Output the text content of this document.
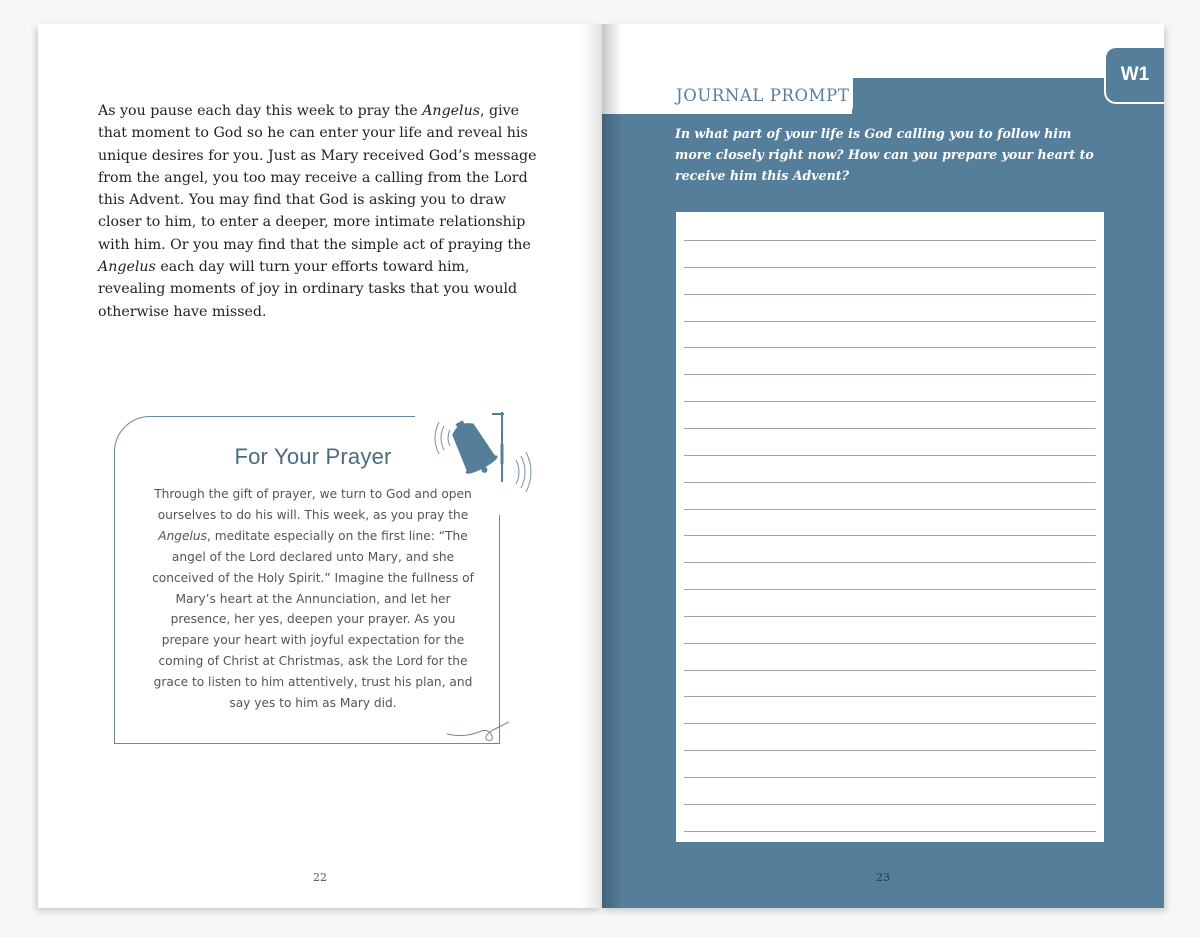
As you pause each day this week to pray the Angelus, give that moment to God so he can enter your life and reveal his unique desires for you. Just as Mary received God’s message from the angel, you too may receive a calling from the Lord this Advent. You may find that God is asking you to draw closer to him, to enter a deeper, more intimate relationship with him. Or you may find that the simple act of praying the Angelus each day will turn your efforts toward him, revealing moments of joy in ordinary tasks that you would otherwise have missed.

For Your Prayer

Through the gift of prayer, we turn to God and open ourselves to do his will. This week, as you pray the Angelus, meditate especially on the first line: “The angel of the Lord declared unto Mary, and she conceived of the Holy Spirit.” Imagine the fullness of Mary’s heart at the Annunciation, and let her presence, her yes, deepen your prayer. As you prepare your heart with joyful expectation for the coming of Christ at Christmas, ask the Lord for the grace to listen to him attentively, trust his plan, and say yes to him as Mary did.

22
JOURNAL PROMPT
W1

In what part of your life is God calling you to follow him more closely right now? How can you prepare your heart to receive him this Advent?

23
